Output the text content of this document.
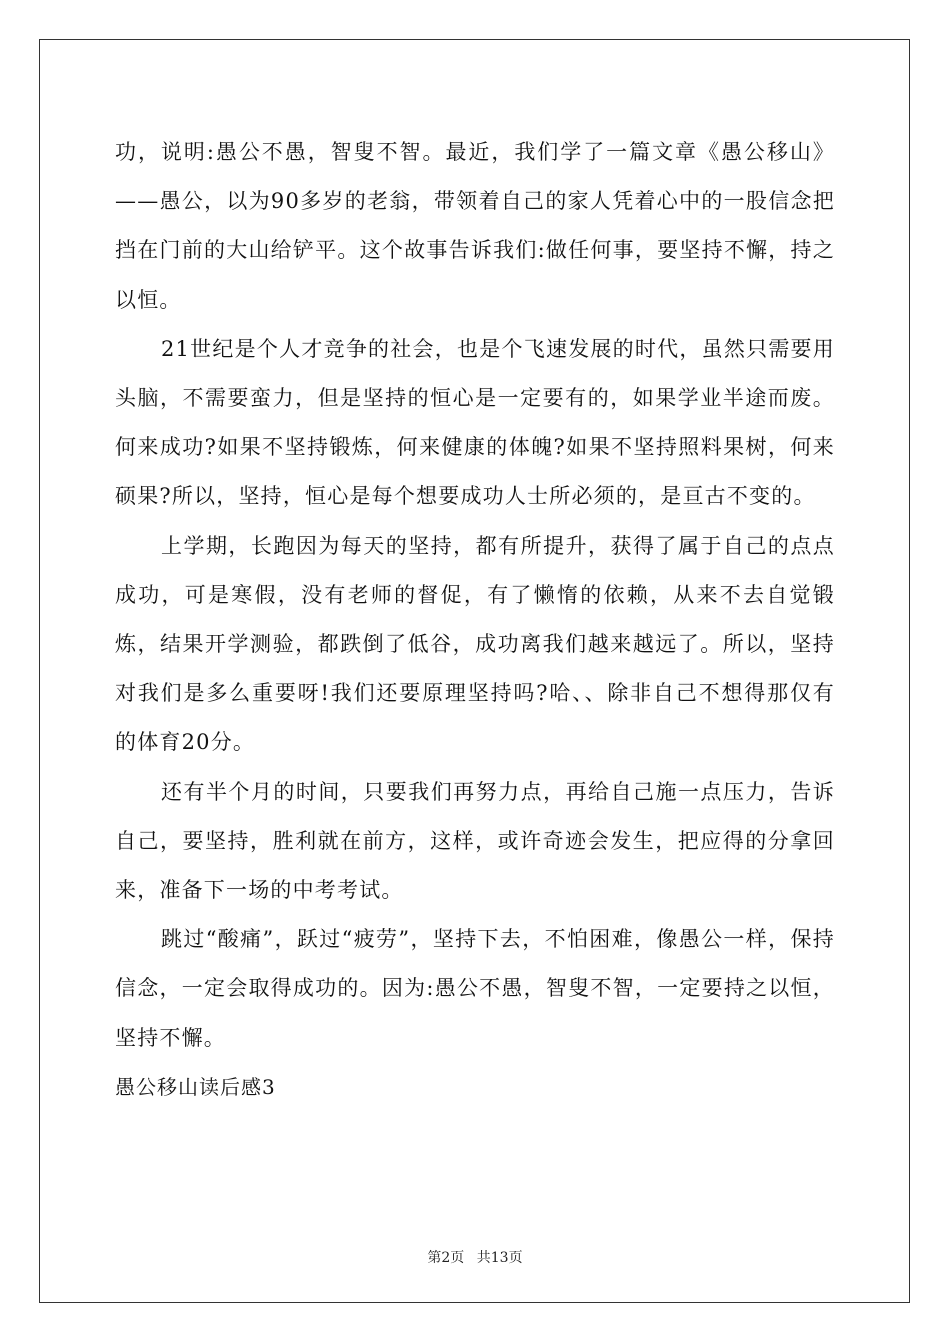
功，说明:愚公不愚，智叟不智。最近，我们学了一篇文章《愚公移山》——愚公，以为90多岁的老翁，带领着自己的家人凭着心中的一股信念把挡在门前的大山给铲平。这个故事告诉我们:做任何事，要坚持不懈，持之以恒。

21世纪是个人才竞争的社会，也是个飞速发展的时代，虽然只需要用头脑，不需要蛮力，但是坚持的恒心是一定要有的，如果学业半途而废。何来成功?如果不坚持锻炼，何来健康的体魄?如果不坚持照料果树，何来硕果?所以，坚持，恒心是每个想要成功人士所必须的，是亘古不变的。

上学期，长跑因为每天的坚持，都有所提升，获得了属于自己的点点成功，可是寒假，没有老师的督促，有了懒惰的依赖，从来不去自觉锻炼，结果开学测验，都跌倒了低谷，成功离我们越来越远了。所以，坚持对我们是多么重要呀!我们还要原理坚持吗?哈、、除非自己不想得那仅有的体育20分。

还有半个月的时间，只要我们再努力点，再给自己施一点压力，告诉自己，要坚持，胜利就在前方，这样，或许奇迹会发生，把应得的分拿回来，准备下一场的中考考试。

跳过“酸痛”，跃过“疲劳”，坚持下去，不怕困难，像愚公一样，保持信念，一定会取得成功的。因为:愚公不愚，智叟不智，一定要持之以恒，坚持不懈。

愚公移山读后感3

第2页 共13页
